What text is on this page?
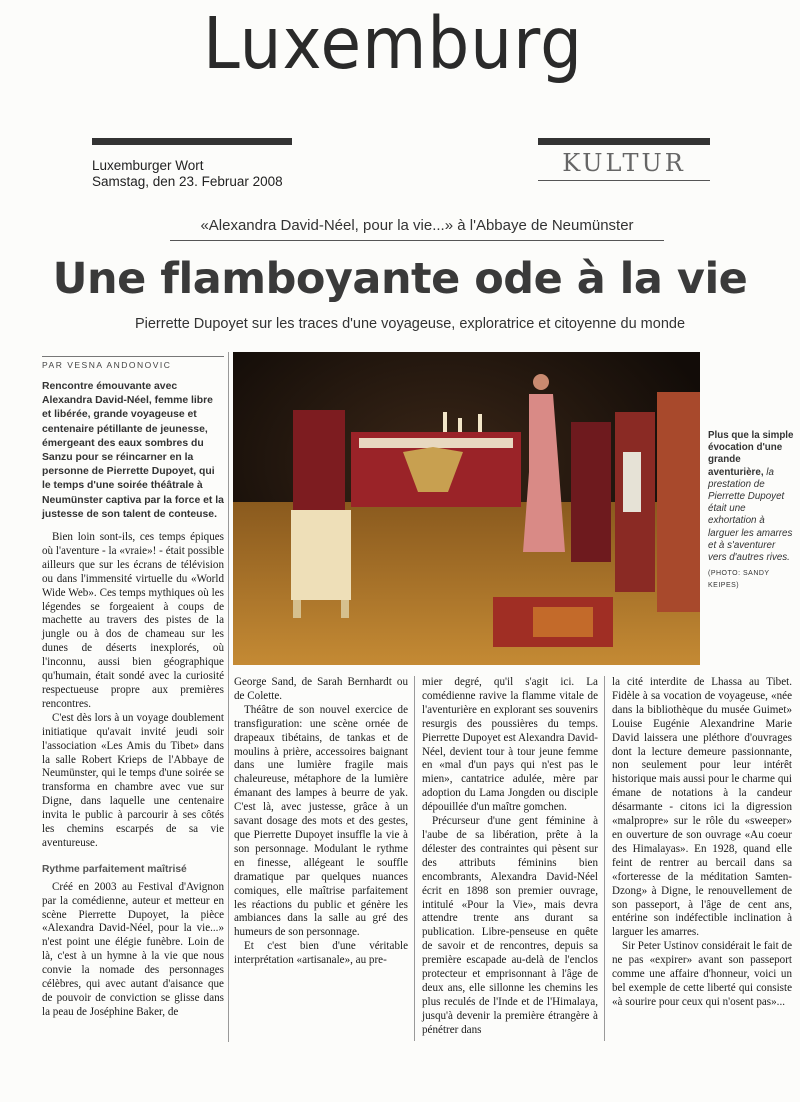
Luxemburg
Luxemburger Wort
Samstag, den 23. Februar 2008
KULTUR
«Alexandra David-Néel, pour la vie...» à l'Abbaye de Neumünster
Une flamboyante ode à la vie
Pierrette Dupoyet sur les traces d'une voyageuse, exploratrice et citoyenne du monde
PAR VESNA ANDONOVIC
Rencontre émouvante avec Alexandra David-Néel, femme libre et libérée, grande voyageuse et centenaire pétillante de jeunesse, émergeant des eaux sombres du Sanzu pour se réincarner en la personne de Pierrette Dupoyet, qui le temps d'une soirée théâtrale à Neumünster captiva par la force et la justesse de son talent de conteuse.

Bien loin sont-ils, ces temps épiques où l'aventure - la «vraie»! - était possible ailleurs que sur les écrans de télévision ou dans l'immensité virtuelle du «World Wide Web». Ces temps mythiques où les légendes se forgeaient à coups de machette au travers des pistes de la jungle ou à dos de chameau sur les dunes de déserts inexplorés, où l'inconnu, aussi bien géographique qu'humain, était sondé avec la curiosité respectueuse propre aux premières rencontres.

C'est dès lors à un voyage doublement initiatique qu'avait invité jeudi soir l'association «Les Amis du Tibet» dans la salle Robert Krieps de l'Abbaye de Neumünster, qui le temps d'une soirée se transforma en chambre avec vue sur Digne, dans laquelle une centenaire invita le public à parcourir à ses côtés les chemins escarpés de sa vie aventureuse.

Rythme parfaitement maîtrisé

Créé en 2003 au Festival d'Avignon par la comédienne, auteur et metteur en scène Pierrette Dupoyet, la pièce «Alexandra David-Néel, pour la vie...» n'est point une élégie funèbre. Loin de là, c'est à un hymne à la vie que nous convie la nomade des personnages célèbres, qui avec autant d'aisance que de pouvoir de conviction se glisse dans la peau de Joséphine Baker, de

Plus que la simple évocation d'une grande aventurière, la prestation de Pierrette Dupoyet était une exhortation à larguer les amarres et à s'aventurer vers d'autres rives.
(PHOTO: SANDY KEIPES)

George Sand, de Sarah Bernhardt ou de Colette.

Théâtre de son nouvel exercice de transfiguration: une scène ornée de drapeaux tibétains, de tankas et de moulins à prière, accessoires baignant dans une lumière fragile mais chaleureuse, métaphore de la lumière émanant des lampes à beurre de yak. C'est là, avec justesse, grâce à un savant dosage des mots et des gestes, que Pierrette Dupoyet insuffle la vie à son personnage. Modulant le rythme en finesse, allégeant le souffle dramatique par quelques nuances comiques, elle maîtrise parfaitement les réactions du public et génère les ambiances dans la salle au gré des humeurs de son personnage.

Et c'est bien d'une véritable interprétation «artisanale», au pre-

mier degré, qu'il s'agit ici. La comédienne ravive la flamme vitale de l'aventurière en explorant ses souvenirs resurgis des poussières du temps. Pierrette Dupoyet est Alexandra David-Néel, devient tour à tour jeune femme en «mal d'un pays qui n'est pas le mien», cantatrice adulée, mère par adoption du Lama Jongden ou disciple dépouillée d'un maître gomchen.

Précurseur d'une gent féminine à l'aube de sa libération, prête à la délester des contraintes qui pèsent sur des attributs féminins bien encombrants, Alexandra David-Néel écrit en 1898 son premier ouvrage, intitulé «Pour la Vie», mais devra attendre trente ans durant sa publication. Libre-penseuse en quête de savoir et de rencontres, depuis sa première escapade au-delà de l'enclos protecteur et emprisonnant à l'âge de deux ans, elle sillonne les chemins les plus reculés de l'Inde et de l'Himalaya, jusqu'à devenir la première étrangère à pénétrer dans

la cité interdite de Lhassa au Tibet. Fidèle à sa vocation de voyageuse, «née dans la bibliothèque du musée Guimet» Louise Eugénie Alexandrine Marie David laissera une pléthore d'ouvrages dont la lecture demeure passionnante, non seulement pour leur intérêt historique mais aussi pour le charme qui émane de notations à la candeur désarmante - citons ici la digression «malpropre» sur le rôle du «sweeper» en ouverture de son ouvrage «Au coeur des Himalayas». En 1928, quand elle feint de rentrer au bercail dans sa «forteresse de la méditation Samten-Dzong» à Digne, le renouvellement de son passeport, à l'âge de cent ans, entérine son indéfectible inclination à larguer les amarres.

Sir Peter Ustinov considérait le fait de ne pas «expirer» avant son passeport comme une affaire d'honneur, voici un bel exemple de cette liberté qui consiste «à sourire pour ceux qui n'osent pas»...
